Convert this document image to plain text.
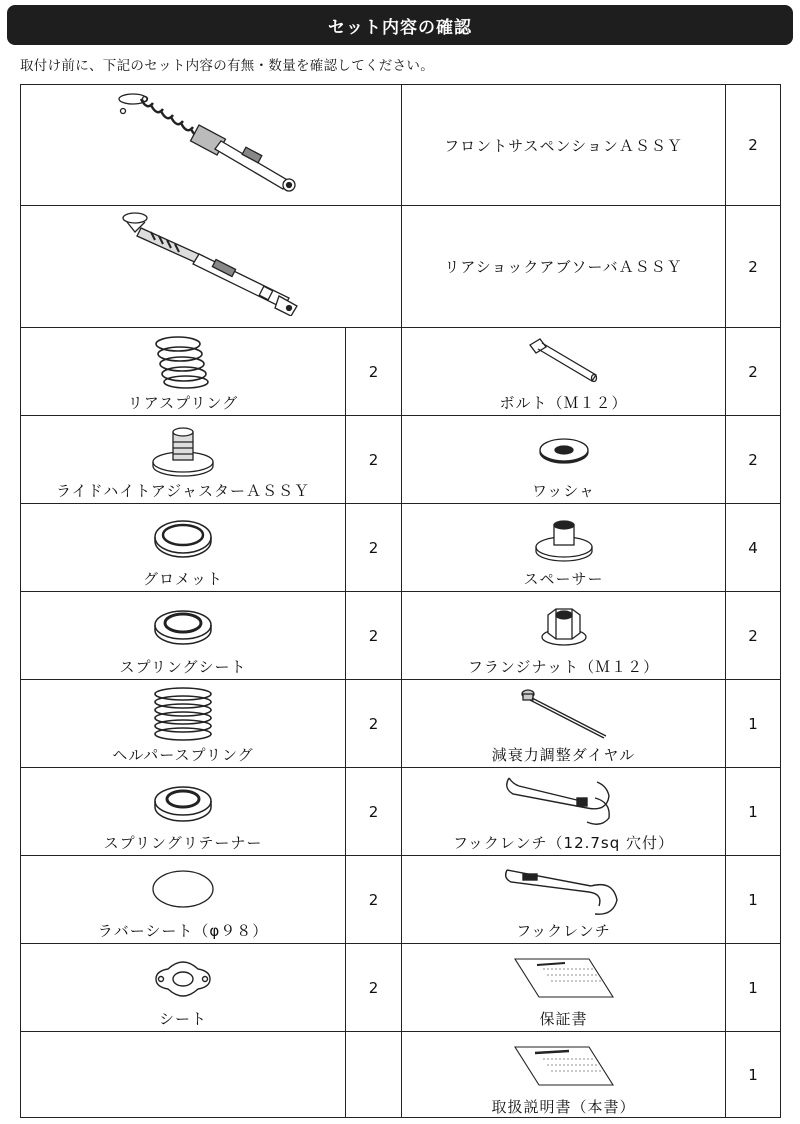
セット内容の確認
取付け前に、下記のセット内容の有無・数量を確認してください。
	フロントサスペンションＡＳＳＹ	2

	リアショックアブソーバＡＳＳＹ	2

リアスプリング	2	ボルト（Ｍ１２）	2

ライドハイトアジャスターＡＳＳＹ	2	ワッシャ	2

グロメット	2	スペーサー	4

スプリングシート	2	フランジナット（Ｍ１２）	2

ヘルパースプリング	2	減衰力調整ダイヤル	1

スプリングリテーナー	2	フックレンチ（12.7sq 穴付）	1

ラバーシート（φ９８）	2	フックレンチ	1

シート	2	保証書	1

		取扱説明書（本書）	1
